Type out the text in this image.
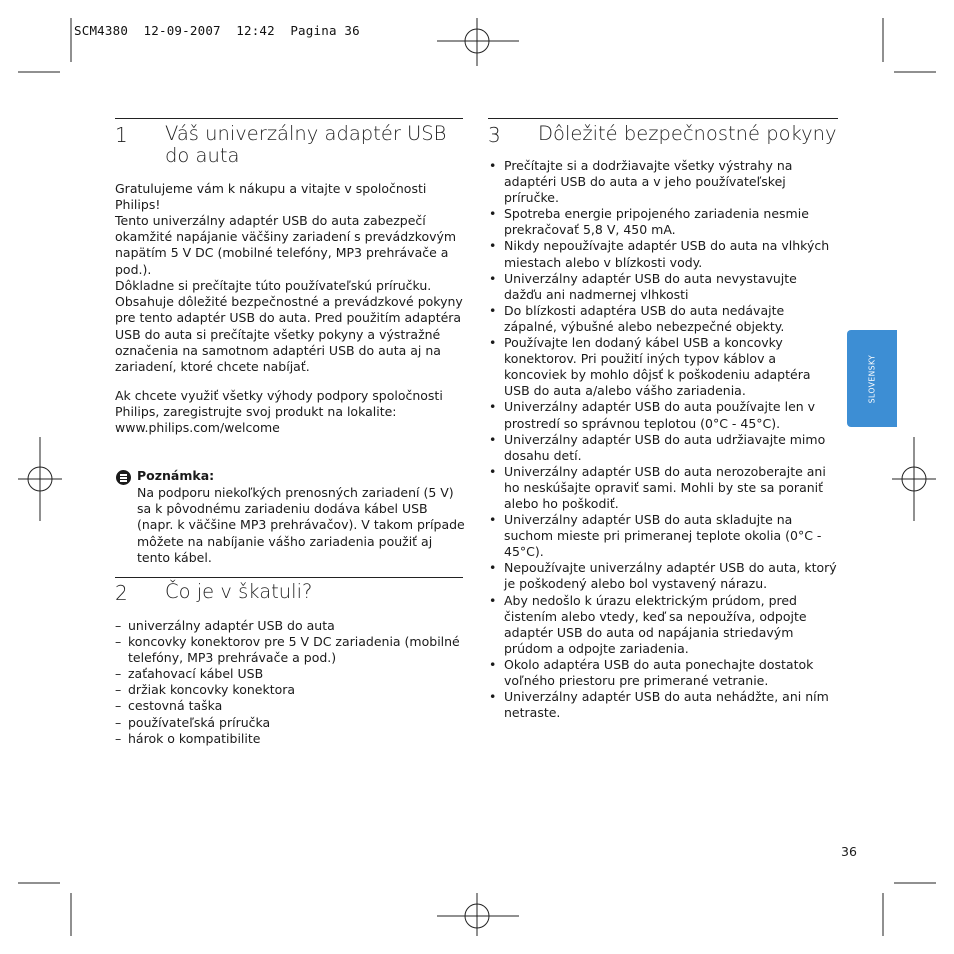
SCM4380  12-09-2007  12:42  Pagina 36
1 Váš univerzálny adaptér USB
do auta

Gratulujeme vám k nákupu a vitajte v spoločnosti Philips!

Tento univerzálny adaptér USB do auta zabezpečí okamžité napájanie väčšiny zariadení s prevádzkovým napätím 5 V DC (mobilné telefóny, MP3 prehrávače a pod.).

Dôkladne si prečítajte túto používateľskú príručku. Obsahuje dôležité bezpečnostné a prevádzkové pokyny pre tento adaptér USB do auta. Pred použitím adaptéra USB do auta si prečítajte všetky pokyny a výstražné označenia na samotnom adaptéri USB do auta aj na zariadení, ktoré chcete nabíjať.

Ak chcete využiť všetky výhody podpory spoločnosti Philips, zaregistrujte svoj produkt na lokalite: www.philips.com/welcome

Poznámka:

Na podporu niekoľkých prenosných zariadení (5 V) sa k pôvodnému zariadeniu dodáva kábel USB (napr. k väčšine MP3 prehrávačov). V takom prípade môžete na nabíjanie vášho zariadenia použiť aj tento kábel.

2 Čo je v škatuli?
– univerzálny adaptér USB do auta
– koncovky konektorov pre 5 V DC zariadenia (mobilné telefóny, MP3 prehrávače a pod.)
– zaťahovací kábel USB
– držiak koncovky konektora
– cestovná taška
– používateľská príručka
– hárok o kompatibilite
3 Dôležité bezpečnostné pokyny
• Prečítajte si a dodržiavajte všetky výstrahy na adaptéri USB do auta a v jeho používateľskej príručke.
• Spotreba energie pripojeného zariadenia nesmie prekračovať 5,8 V, 450 mA.
• Nikdy nepoužívajte adaptér USB do auta na vlhkých miestach alebo v blízkosti vody.
• Univerzálny adaptér USB do auta nevystavujte dažďu ani nadmernej vlhkosti
• Do blízkosti adaptéra USB do auta nedávajte zápalné, výbušné alebo nebezpečné objekty.
• Používajte len dodaný kábel USB a koncovky konektorov. Pri použití iných typov káblov a koncoviek by mohlo dôjsť k poškodeniu adaptéra USB do auta a/alebo vášho zariadenia.
• Univerzálny adaptér USB do auta používajte len v prostredí so správnou teplotou (0°C - 45°C).
• Univerzálny adaptér USB do auta udržiavajte mimo dosahu detí.
• Univerzálny adaptér USB do auta nerozoberajte ani ho neskúšajte opraviť sami. Mohli by ste sa poraniť alebo ho poškodiť.
• Univerzálny adaptér USB do auta skladujte na suchom mieste pri primeranej teplote okolia (0°C - 45°C).
• Nepoužívajte univerzálny adaptér USB do auta, ktorý je poškodený alebo bol vystavený nárazu.
• Aby nedošlo k úrazu elektrickým prúdom, pred čistením alebo vtedy, keď sa nepoužíva, odpojte adaptér USB do auta od napájania striedavým prúdom a odpojte zariadenia.
• Okolo adaptéra USB do auta ponechajte dostatok voľného priestoru pre primerané vetranie.
• Univerzálny adaptér USB do auta nehádžte, ani ním netraste.
SLOVENSKY
36
